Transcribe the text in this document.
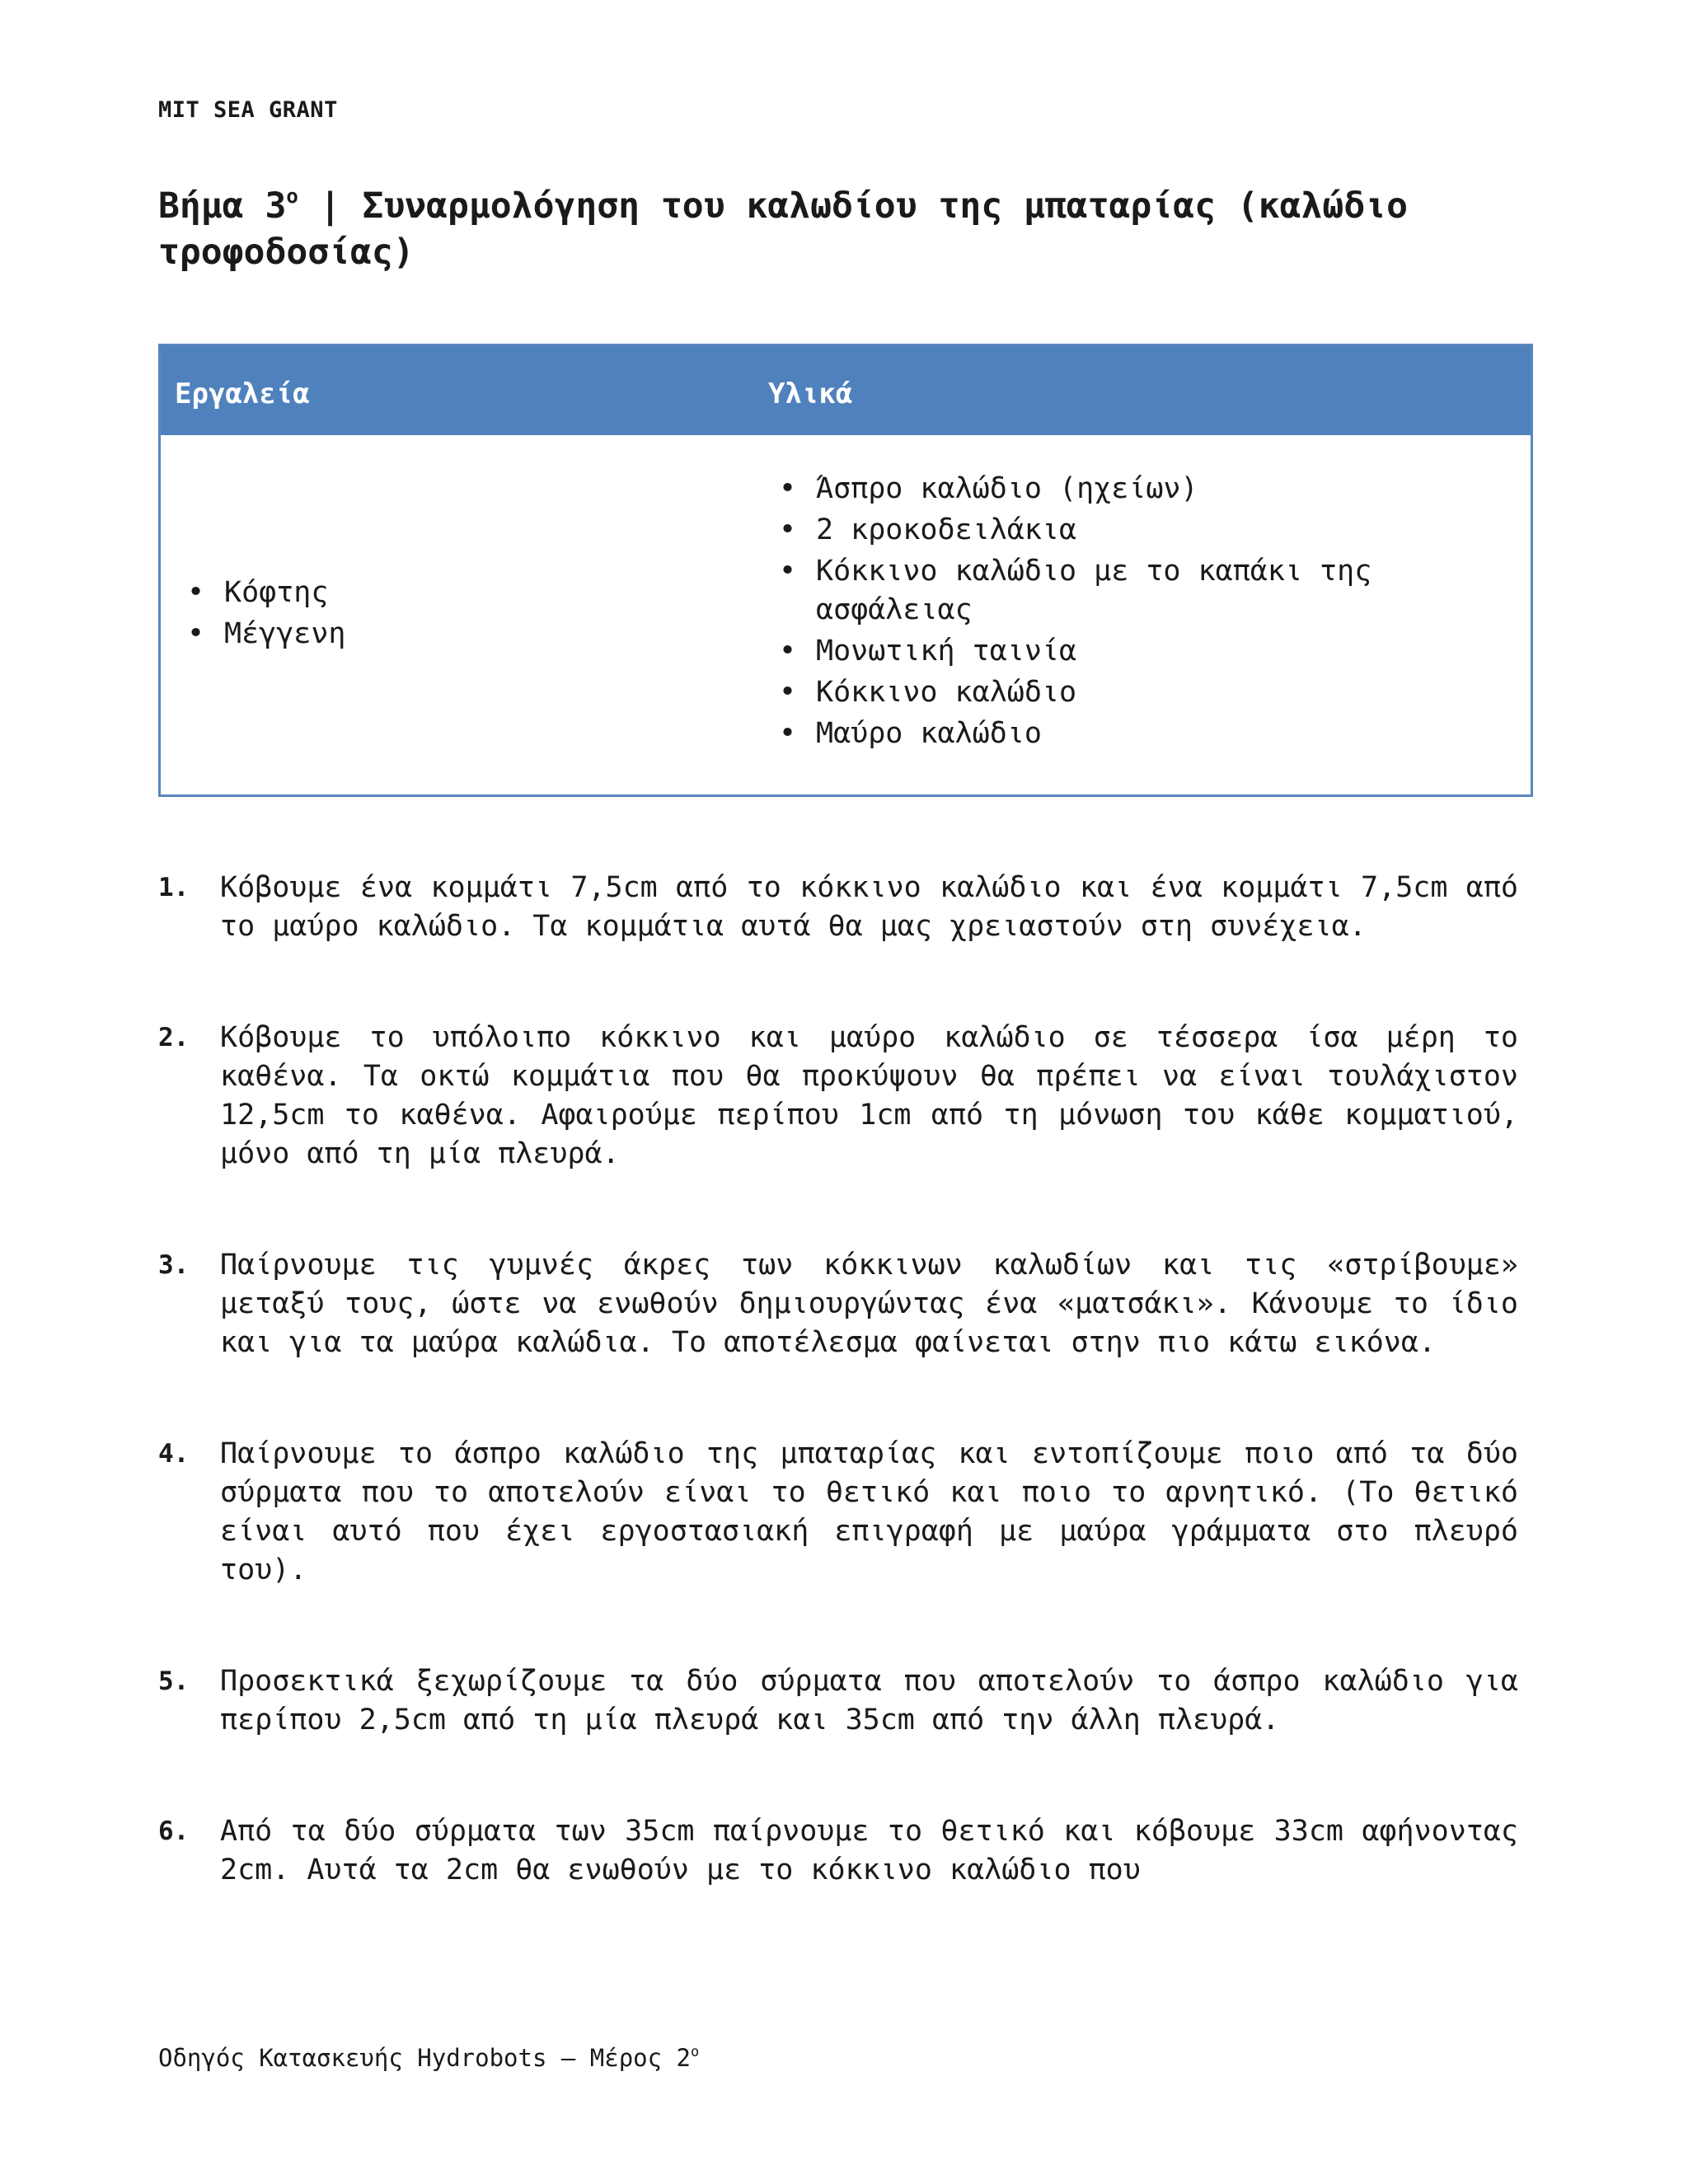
MIT SEA GRANT
Βήμα $3^o$ | Συναρμολόγηση του καλωδίου της μπαταρίας (καλώδιο τροφοδοσίας)
Εργαλεία	Υλικά
• Κόφτης
• Μέγγενη
• Άσπρο καλώδιο (ηχείων)
• 2 κροκοδειλάκια
• Κόκκινο καλώδιο με το καπάκι της ασφάλειας
• Μονωτική ταινία
• Κόκκινο καλώδιο
• Μαύρο καλώδιο
1. Κόβουμε ένα κομμάτι 7,5cm από το κόκκινο καλώδιο και ένα κομμάτι 7,5cm από το μαύρο καλώδιο. Τα κομμάτια αυτά θα μας χρειαστούν στη συνέχεια.
2. Κόβουμε το υπόλοιπο κόκκινο και μαύρο καλώδιο σε τέσσερα ίσα μέρη το καθένα. Τα οκτώ κομμάτια που θα προκύψουν θα πρέπει να είναι τουλάχιστον 12,5cm το καθένα. Αφαιρούμε περίπου 1cm από τη μόνωση του κάθε κομματιού, μόνο από τη μία πλευρά.
3. Παίρνουμε τις γυμνές άκρες των κόκκινων καλωδίων και τις «στρίβουμε» μεταξύ τους, ώστε να ενωθούν δημιουργώντας ένα «ματσάκι». Κάνουμε το ίδιο και για τα μαύρα καλώδια. Το αποτέλεσμα φαίνεται στην πιο κάτω εικόνα.
4. Παίρνουμε το άσπρο καλώδιο της μπαταρίας και εντοπίζουμε ποιο από τα δύο σύρματα που το αποτελούν είναι το θετικό και ποιο το αρνητικό. (Το θετικό είναι αυτό που έχει εργοστασιακή επιγραφή με μαύρα γράμματα στο πλευρό του).
5. Προσεκτικά ξεχωρίζουμε τα δύο σύρματα που αποτελούν το άσπρο καλώδιο για περίπου 2,5cm από τη μία πλευρά και 35cm από την άλλη πλευρά.
6. Από τα δύο σύρματα των 35cm παίρνουμε το θετικό και κόβουμε 33cm αφήνοντας 2cm. Αυτά τα 2cm θα ενωθούν με το κόκκινο καλώδιο που
Οδηγός Κατασκευής Hydrobots – Μέρος $2^o$
